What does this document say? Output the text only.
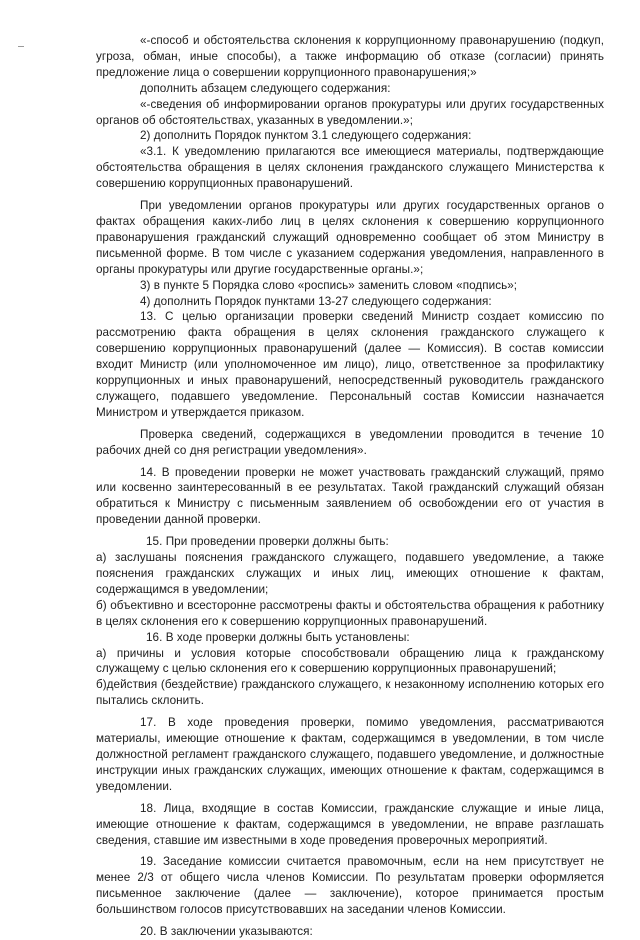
«-способ и обстоятельства склонения к коррупционному правонарушению (подкуп, угроза, обман, иные способы), а также информацию об отказе (согласии) принять предложение лица о совершении коррупционного правонарушения;»

дополнить абзацем следующего содержания:

«-сведения об информировании органов прокуратуры или других государственных органов об обстоятельствах, указанных в уведомлении.»;

2) дополнить Порядок пунктом 3.1 следующего содержания:

«3.1. К уведомлению прилагаются все имеющиеся материалы, подтверждающие обстоятельства обращения в целях склонения гражданского служащего Министерства к совершению коррупционных правонарушений.

При уведомлении органов прокуратуры или других государственных органов о фактах обращения каких-либо лиц в целях склонения к совершению коррупционного правонарушения гражданский служащий одновременно сообщает об этом Министру в письменной форме. В том числе с указанием содержания уведомления, направленного в органы прокуратуры или другие государственные органы.»;

3) в пункте 5 Порядка слово «роспись» заменить словом «подпись»;

4) дополнить Порядок пунктами 13-27 следующего содержания:

13. С целью организации проверки сведений Министр создает комиссию по рассмотрению факта обращения в целях склонения гражданского служащего к совершению коррупционных правонарушений (далее — Комиссия). В состав комиссии входит Министр (или уполномоченное им лицо), лицо, ответственное за профилактику коррупционных и иных правонарушений, непосредственный руководитель гражданского служащего, подавшего уведомление. Персональный состав Комиссии назначается Министром и утверждается приказом.

Проверка сведений, содержащихся в уведомлении проводится в течение 10 рабочих дней со дня регистрации уведомления».

14. В проведении проверки не может участвовать гражданский служащий, прямо или косвенно заинтересованный в ее результатах. Такой гражданский служащий обязан обратиться к Министру с письменным заявлением об освобождении его от участия в проведении данной проверки.

15. При проведении проверки должны быть:

а) заслушаны пояснения гражданского служащего, подавшего уведомление, а также пояснения гражданских служащих и иных лиц, имеющих отношение к фактам, содержащимся в уведомлении;

б) объективно и всесторонне рассмотрены факты и обстоятельства обращения к работнику в целях склонения его к совершению коррупционных правонарушений.

16. В ходе проверки должны быть установлены:

а) причины и условия которые способствовали обращению лица к гражданскому служащему с целью склонения его к совершению коррупционных правонарушений;

б)действия (бездействие) гражданского служащего, к незаконному исполнению которых его пытались склонить.

17. В ходе проведения проверки, помимо уведомления, рассматриваются материалы, имеющие отношение к фактам, содержащимся в уведомлении, в том числе должностной регламент гражданского служащего, подавшего уведомление, и должностные инструкции иных гражданских служащих, имеющих отношение к фактам, содержащимся в уведомлении.

18. Лица, входящие в состав Комиссии, гражданские служащие и иные лица, имеющие отношение к фактам, содержащимся в уведомлении, не вправе разглашать сведения, ставшие им известными в ходе проведения проверочных мероприятий.

19. Заседание комиссии считается правомочным, если на нем присутствует не менее 2/3 от общего числа членов Комиссии. По результатам проверки оформляется письменное заключение (далее — заключение), которое принимается простым большинством голосов присутствовавших на заседании членов Комиссии.

20. В заключении указываются:
